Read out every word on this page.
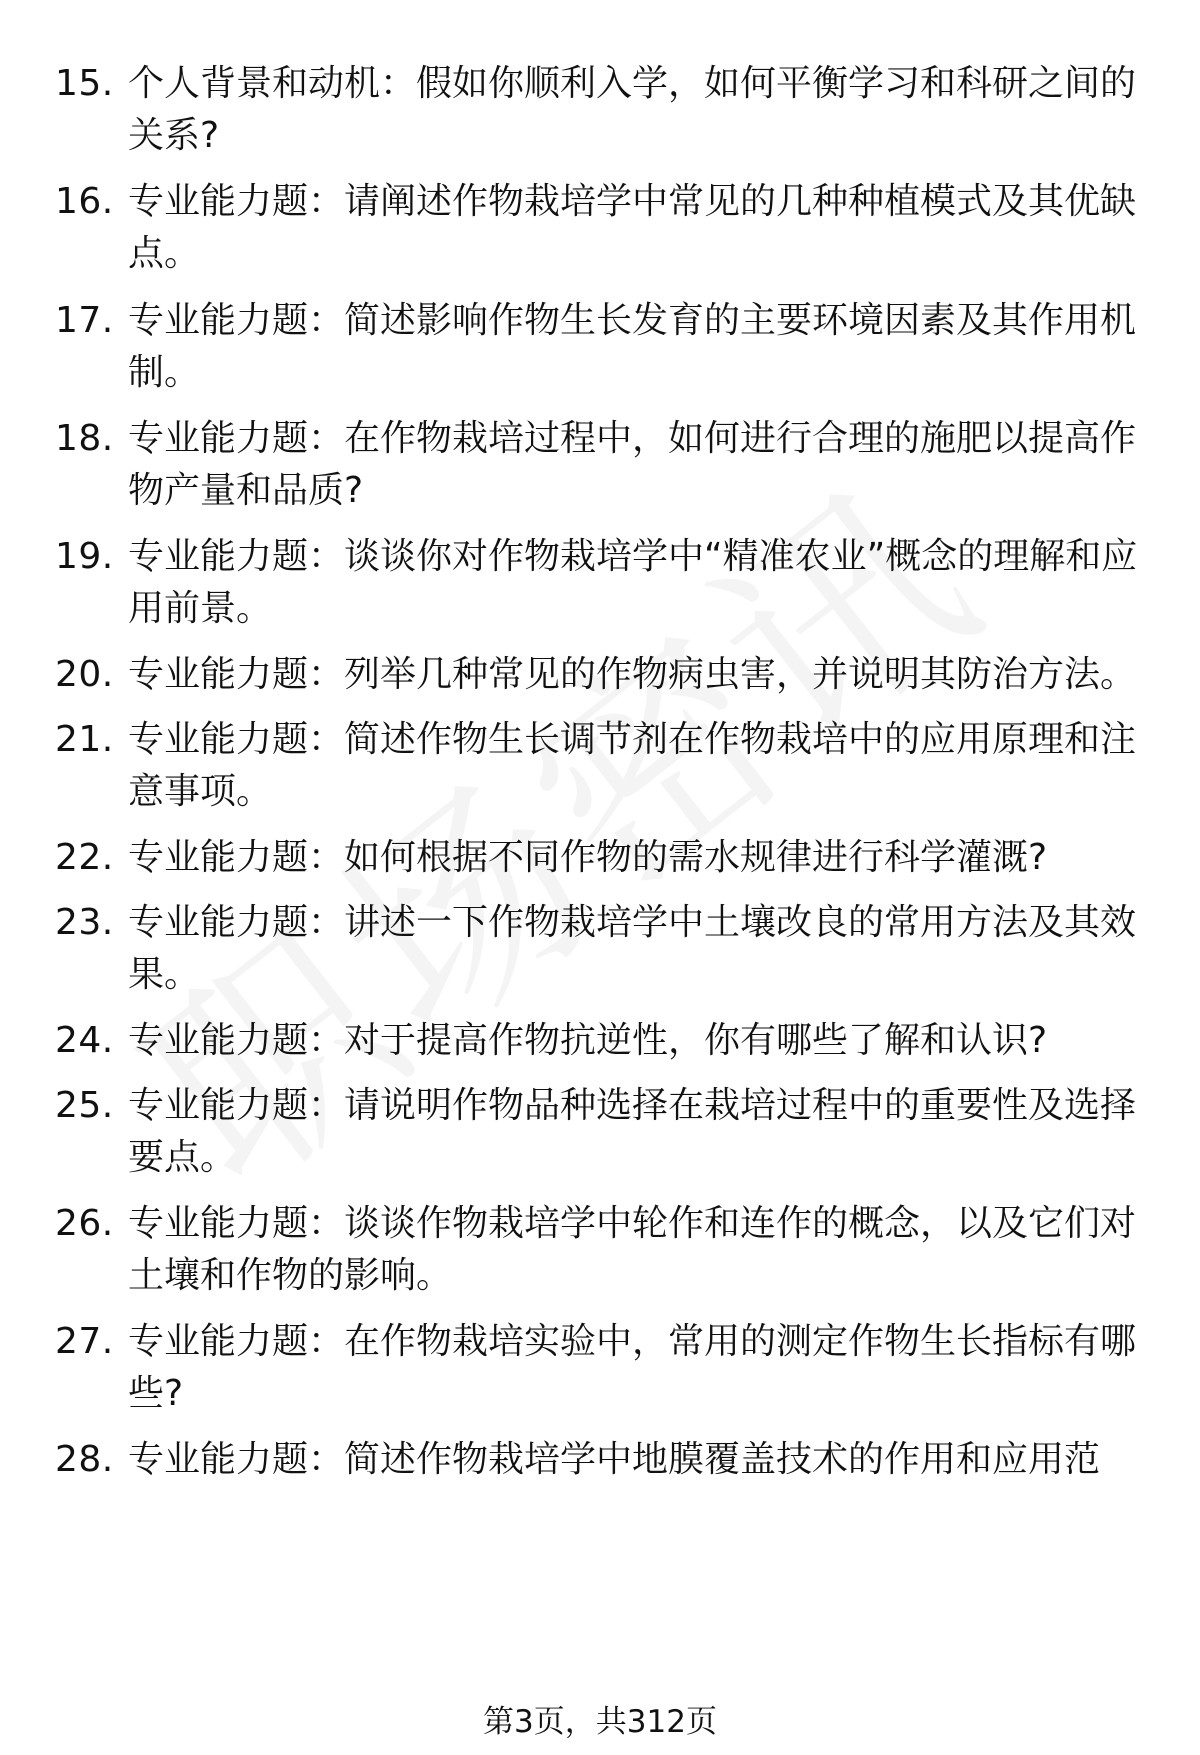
15. 个人背景和动机：假如你顺利入学，如何平衡学习和科研之间的关系?
16. 专业能力题：请阐述作物栽培学中常见的几种种植模式及其优缺点。
17. 专业能力题：简述影响作物生长发育的主要环境因素及其作用机制。
18. 专业能力题：在作物栽培过程中，如何进行合理的施肥以提高作物产量和品质?
19. 专业能力题：谈谈你对作物栽培学中“精准农业”概念的理解和应用前景。
20. 专业能力题：列举几种常见的作物病虫害，并说明其防治方法。
21. 专业能力题：简述作物生长调节剂在作物栽培中的应用原理和注意事项。
22. 专业能力题：如何根据不同作物的需水规律进行科学灌溉?
23. 专业能力题：讲述一下作物栽培学中土壤改良的常用方法及其效果。
24. 专业能力题：对于提高作物抗逆性，你有哪些了解和认识?
25. 专业能力题：请说明作物品种选择在栽培过程中的重要性及选择要点。
26. 专业能力题：谈谈作物栽培学中轮作和连作的概念，以及它们对土壤和作物的影响。
27. 专业能力题：在作物栽培实验中，常用的测定作物生长指标有哪些?
28. 专业能力题：简述作物栽培学中地膜覆盖技术的作用和应用范
第3页，共312页
